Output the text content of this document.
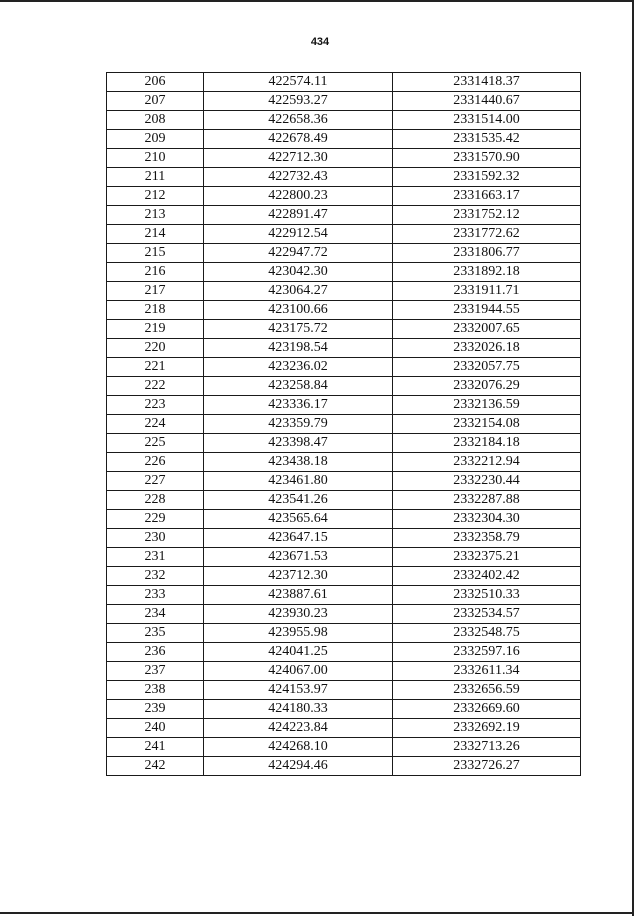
434
206	422574.11	2331418.37
207	422593.27	2331440.67
208	422658.36	2331514.00
209	422678.49	2331535.42
210	422712.30	2331570.90
211	422732.43	2331592.32
212	422800.23	2331663.17
213	422891.47	2331752.12
214	422912.54	2331772.62
215	422947.72	2331806.77
216	423042.30	2331892.18
217	423064.27	2331911.71
218	423100.66	2331944.55
219	423175.72	2332007.65
220	423198.54	2332026.18
221	423236.02	2332057.75
222	423258.84	2332076.29
223	423336.17	2332136.59
224	423359.79	2332154.08
225	423398.47	2332184.18
226	423438.18	2332212.94
227	423461.80	2332230.44
228	423541.26	2332287.88
229	423565.64	2332304.30
230	423647.15	2332358.79
231	423671.53	2332375.21
232	423712.30	2332402.42
233	423887.61	2332510.33
234	423930.23	2332534.57
235	423955.98	2332548.75
236	424041.25	2332597.16
237	424067.00	2332611.34
238	424153.97	2332656.59
239	424180.33	2332669.60
240	424223.84	2332692.19
241	424268.10	2332713.26
242	424294.46	2332726.27
